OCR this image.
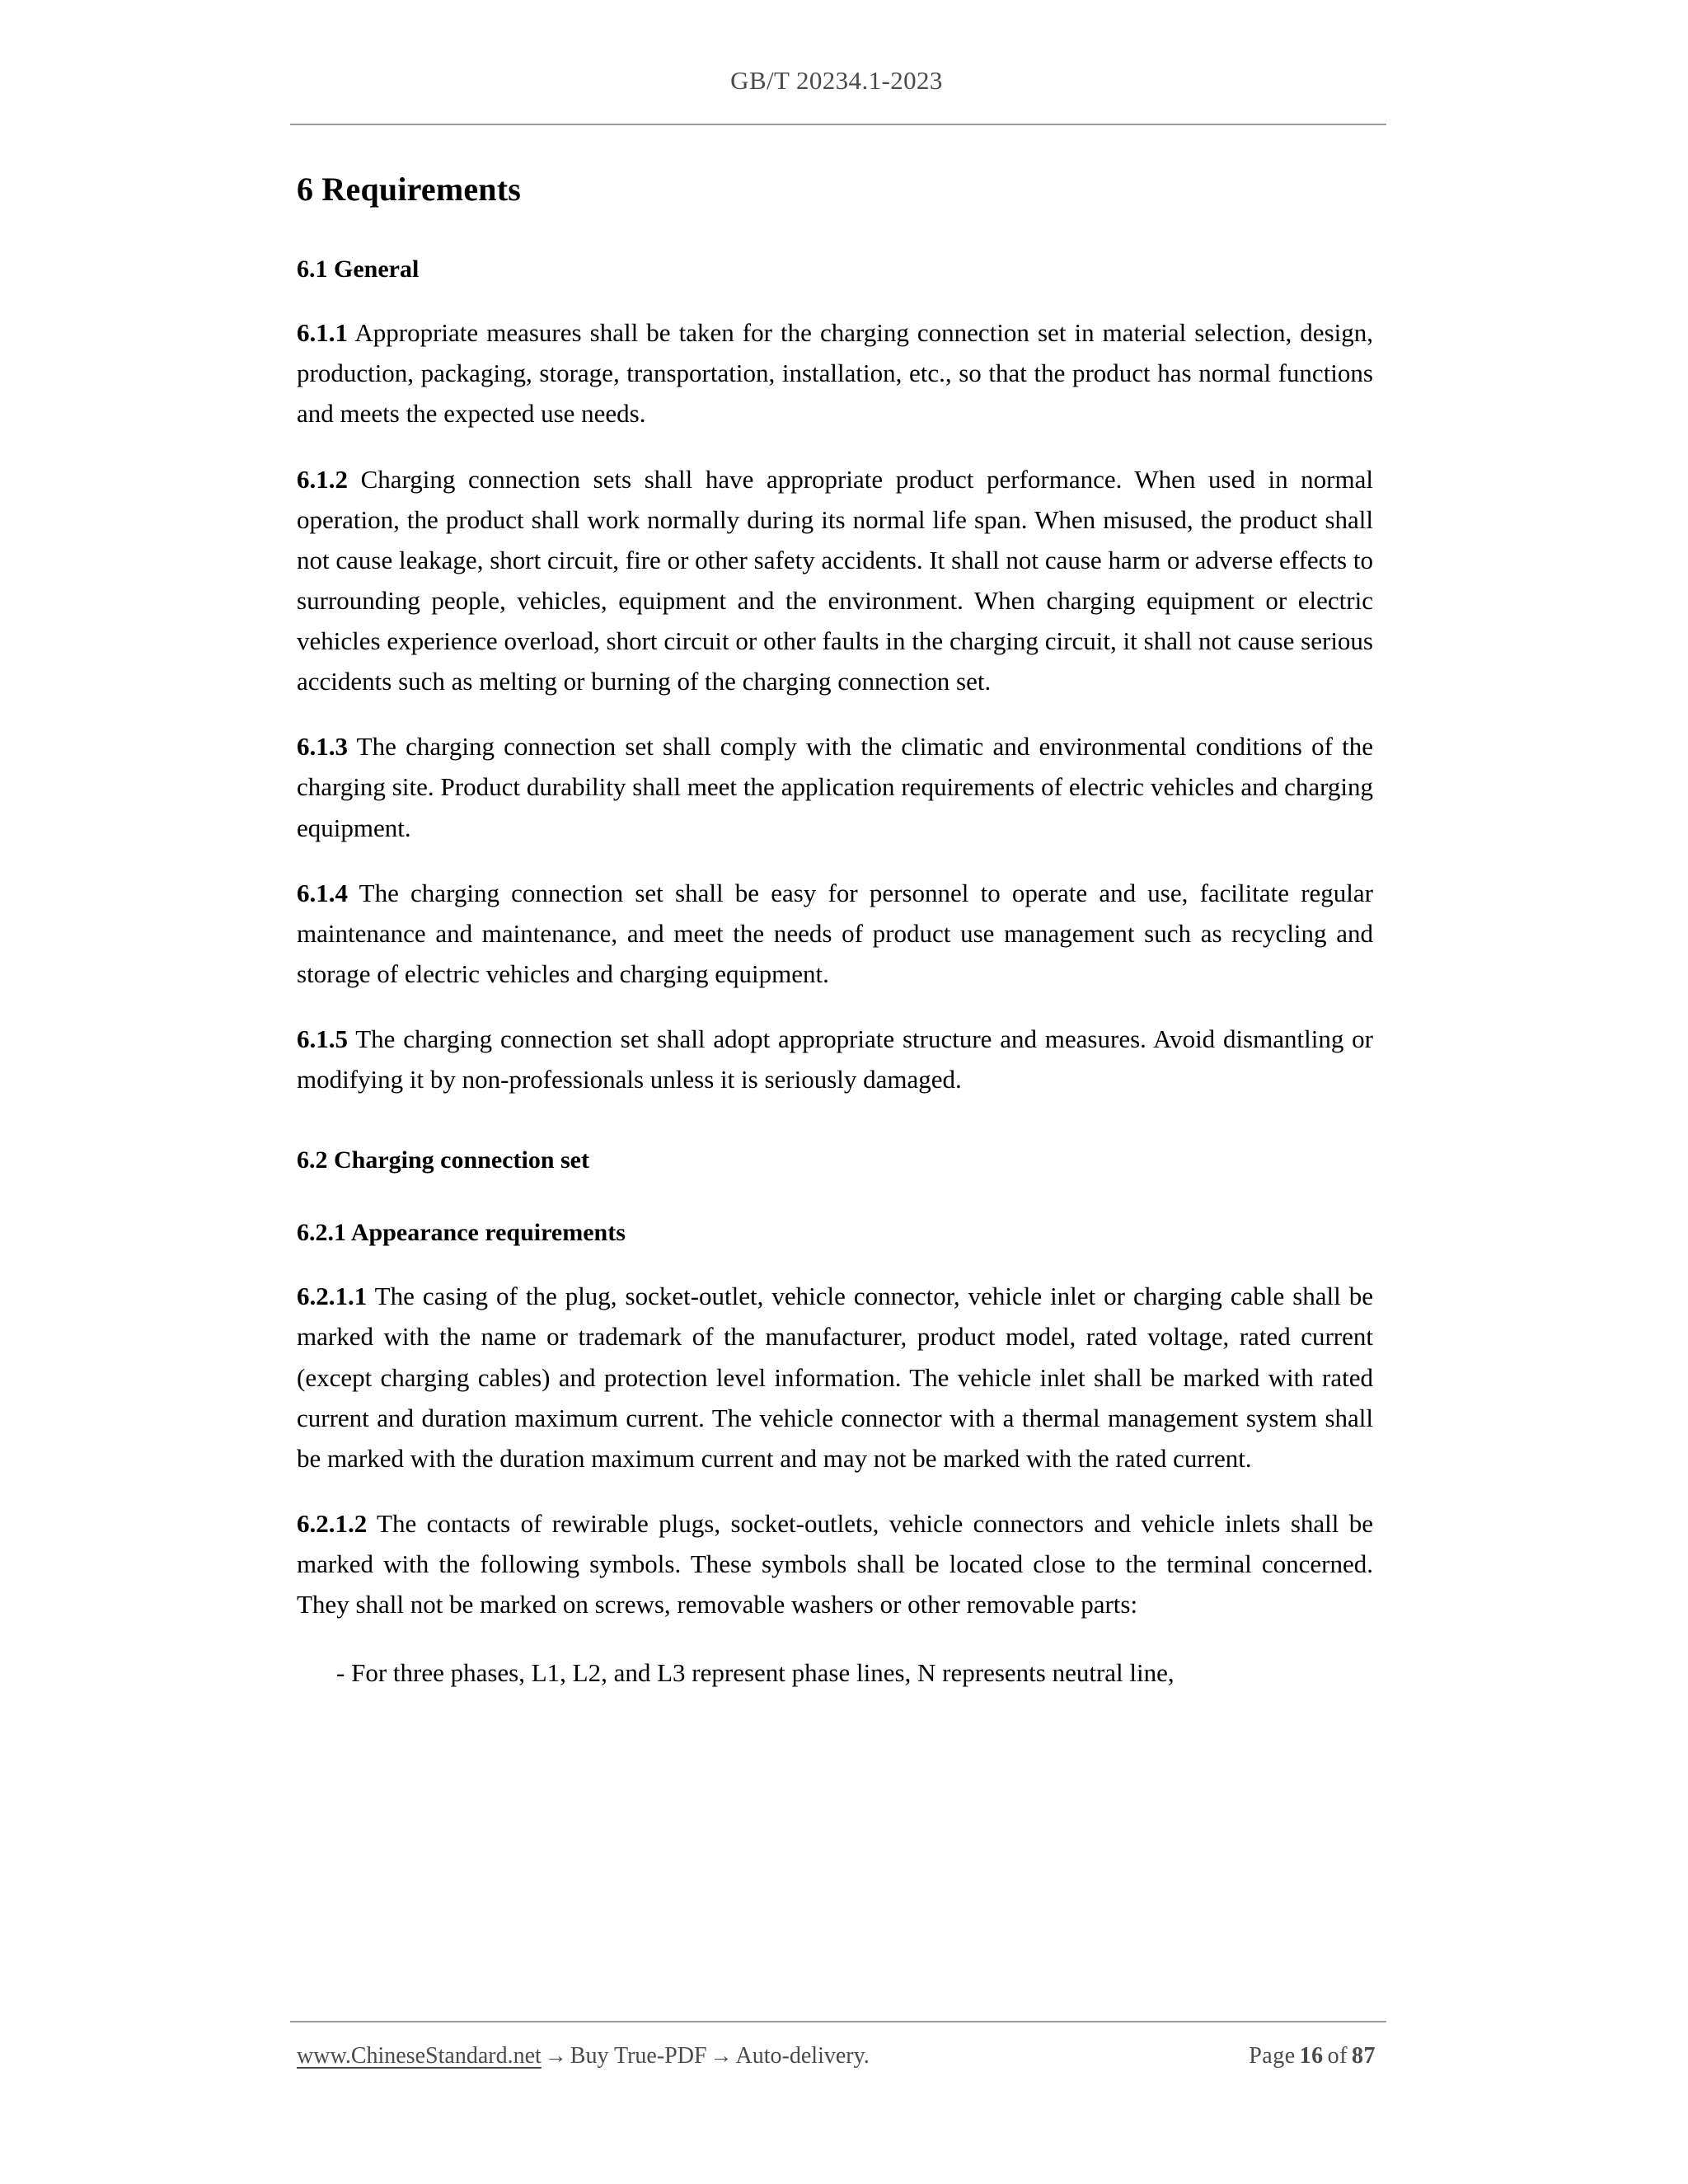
GB/T 20234.1-2023
6 Requirements
6.1 General

6.1.1 Appropriate measures shall be taken for the charging connection set in material selection, design, production, packaging, storage, transportation, installation, etc., so that the product has normal functions and meets the expected use needs.

6.1.2 Charging connection sets shall have appropriate product performance. When used in normal operation, the product shall work normally during its normal life span. When misused, the product shall not cause leakage, short circuit, fire or other safety accidents. It shall not cause harm or adverse effects to surrounding people, vehicles, equipment and the environment. When charging equipment or electric vehicles experience overload, short circuit or other faults in the charging circuit, it shall not cause serious accidents such as melting or burning of the charging connection set.

6.1.3 The charging connection set shall comply with the climatic and environmental conditions of the charging site. Product durability shall meet the application requirements of electric vehicles and charging equipment.

6.1.4 The charging connection set shall be easy for personnel to operate and use, facilitate regular maintenance and maintenance, and meet the needs of product use management such as recycling and storage of electric vehicles and charging equipment.

6.1.5 The charging connection set shall adopt appropriate structure and measures. Avoid dismantling or modifying it by non-professionals unless it is seriously damaged.

6.2 Charging connection set
6.2.1 Appearance requirements

6.2.1.1 The casing of the plug, socket-outlet, vehicle connector, vehicle inlet or charging cable shall be marked with the name or trademark of the manufacturer, product model, rated voltage, rated current (except charging cables) and protection level information. The vehicle inlet shall be marked with rated current and duration maximum current. The vehicle connector with a thermal management system shall be marked with the duration maximum current and may not be marked with the rated current.

6.2.1.2 The contacts of rewirable plugs, socket-outlets, vehicle connectors and vehicle inlets shall be marked with the following symbols. These symbols shall be located close to the terminal concerned. They shall not be marked on screws, removable washers or other removable parts:

- For three phases, L1, L2, and L3 represent phase lines, N represents neutral line,
www.ChineseStandard.net → Buy True-PDF → Auto-delivery.	Page 16 of 87
